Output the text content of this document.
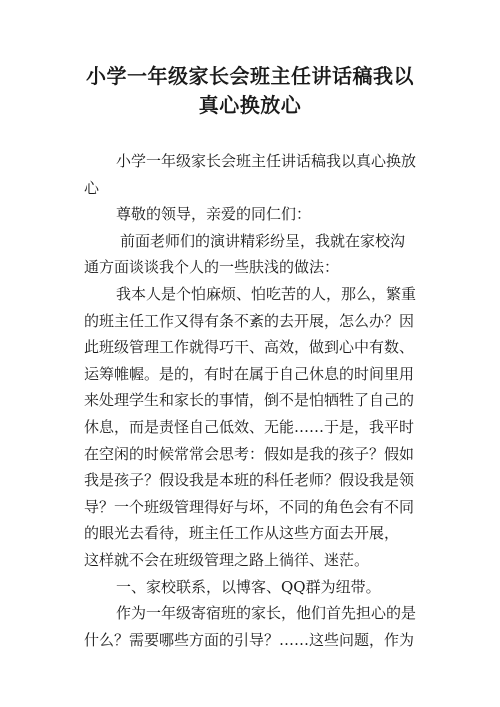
小学一年级家长会班主任讲话稿我以
真心换放心
小学一年级家长会班主任讲话稿我以真心换放
心
尊敬的领导，亲爱的同仁们：
前面老师们的演讲精彩纷呈，我就在家校沟
通方面谈谈我个人的一些肤浅的做法：
我本人是个怕麻烦、怕吃苦的人，那么，繁重
的班主任工作又得有条不紊的去开展，怎么办？因
此班级管理工作就得巧干、高效，做到心中有数、
运筹帷幄。是的，有时在属于自己休息的时间里用
来处理学生和家长的事情，倒不是怕牺牲了自己的
休息，而是责怪自己低效、无能……于是，我平时
在空闲的时候常常会思考：假如是我的孩子？假如
我是孩子？假设我是本班的科任老师？假设我是领
导？一个班级管理得好与坏，不同的角色会有不同
的眼光去看待，班主任工作从这些方面去开展，
这样就不会在班级管理之路上徜徉、迷茫。
一、家校联系，以博客、QQ群为纽带。
作为一年级寄宿班的家长，他们首先担心的是
什么？需要哪些方面的引导？……这些问题，作为
